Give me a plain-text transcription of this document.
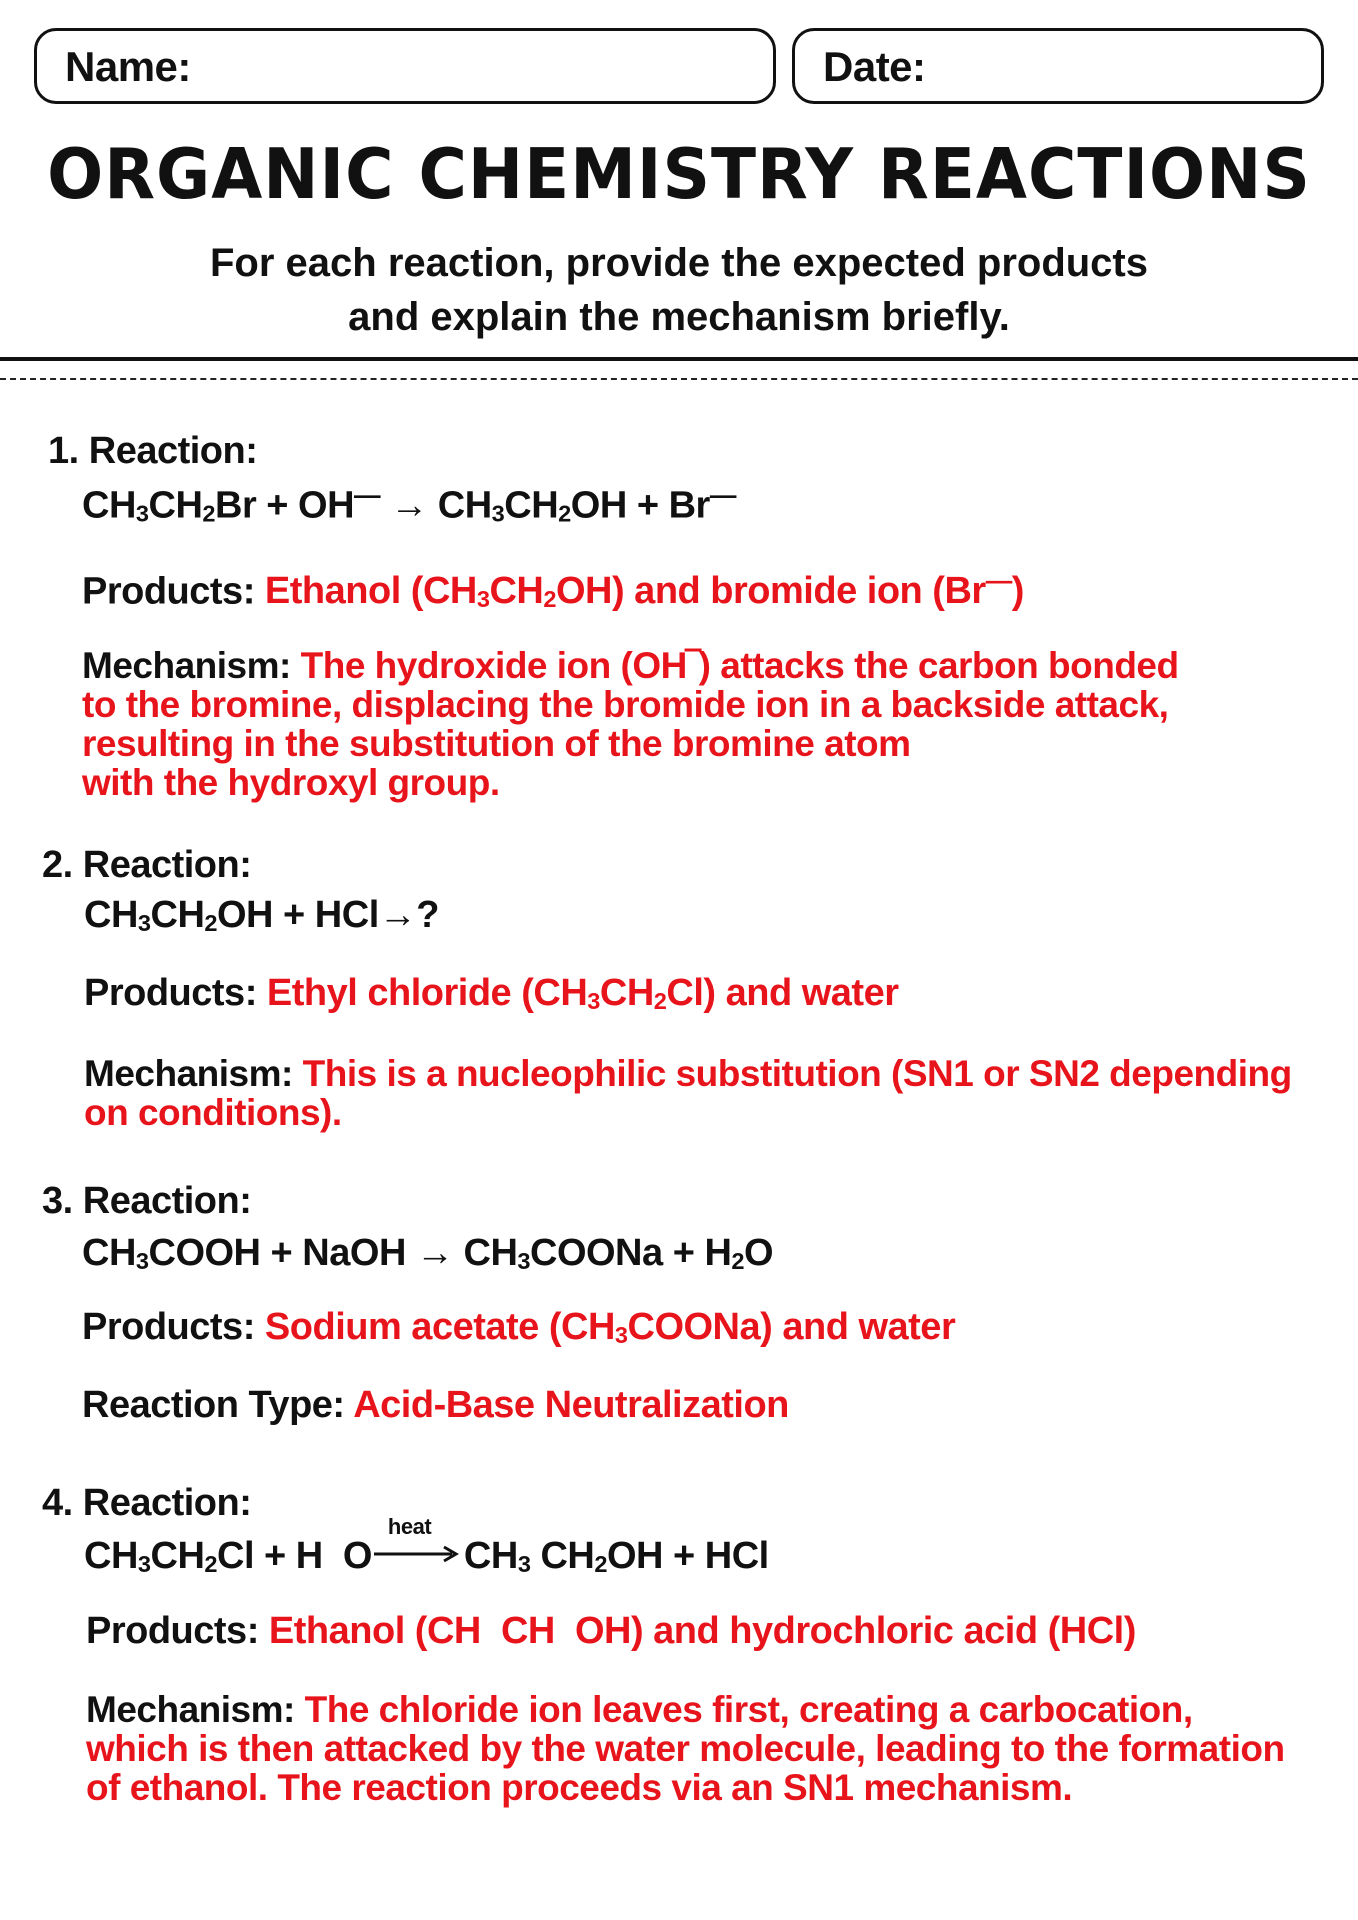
Name:	Date:
ORGANIC CHEMISTRY REACTIONS
For each reaction, provide the expected products
and explain the mechanism briefly.
1. Reaction:
$CH_3CH_2Br + OH^— \to CH_3CH_2OH + Br^—$
Products: Ethanol $(CH_3CH_2OH)$ and bromide ion (Br—)
Mechanism: The hydroxide ion (OH‾) attacks the carbon bonded
to the bromine, displacing the bromide ion in a backside attack,
resulting in the substitution of the bromine atom
with the hydroxyl group.
2. Reaction:
$CH_3CH_2OH + HCl\to$?
Products: Ethyl chloride $(CH_3CH_2Cl)$ and water
Mechanism: This is a nucleophilic substitution (SN1 or SN2 depending
on conditions).
3. Reaction:
$CH_3COOH$ + NaOH → $CH_3COONa + H_2O$
Products: Sodium acetate $(CH_3COONa)$ and water
Reaction Type: Acid-Base Neutralization
4. Reaction:
$CH_3CH_2Cl + H$  O
heat
$CH_3$ $CH_2OH$ + HCl
Products: Ethanol (CH  CH  OH) and hydrochloric acid (HCl)
Mechanism: The chloride ion leaves first, creating a carbocation,
which is then attacked by the water molecule, leading to the formation
of ethanol. The reaction proceeds via an SN1 mechanism.
